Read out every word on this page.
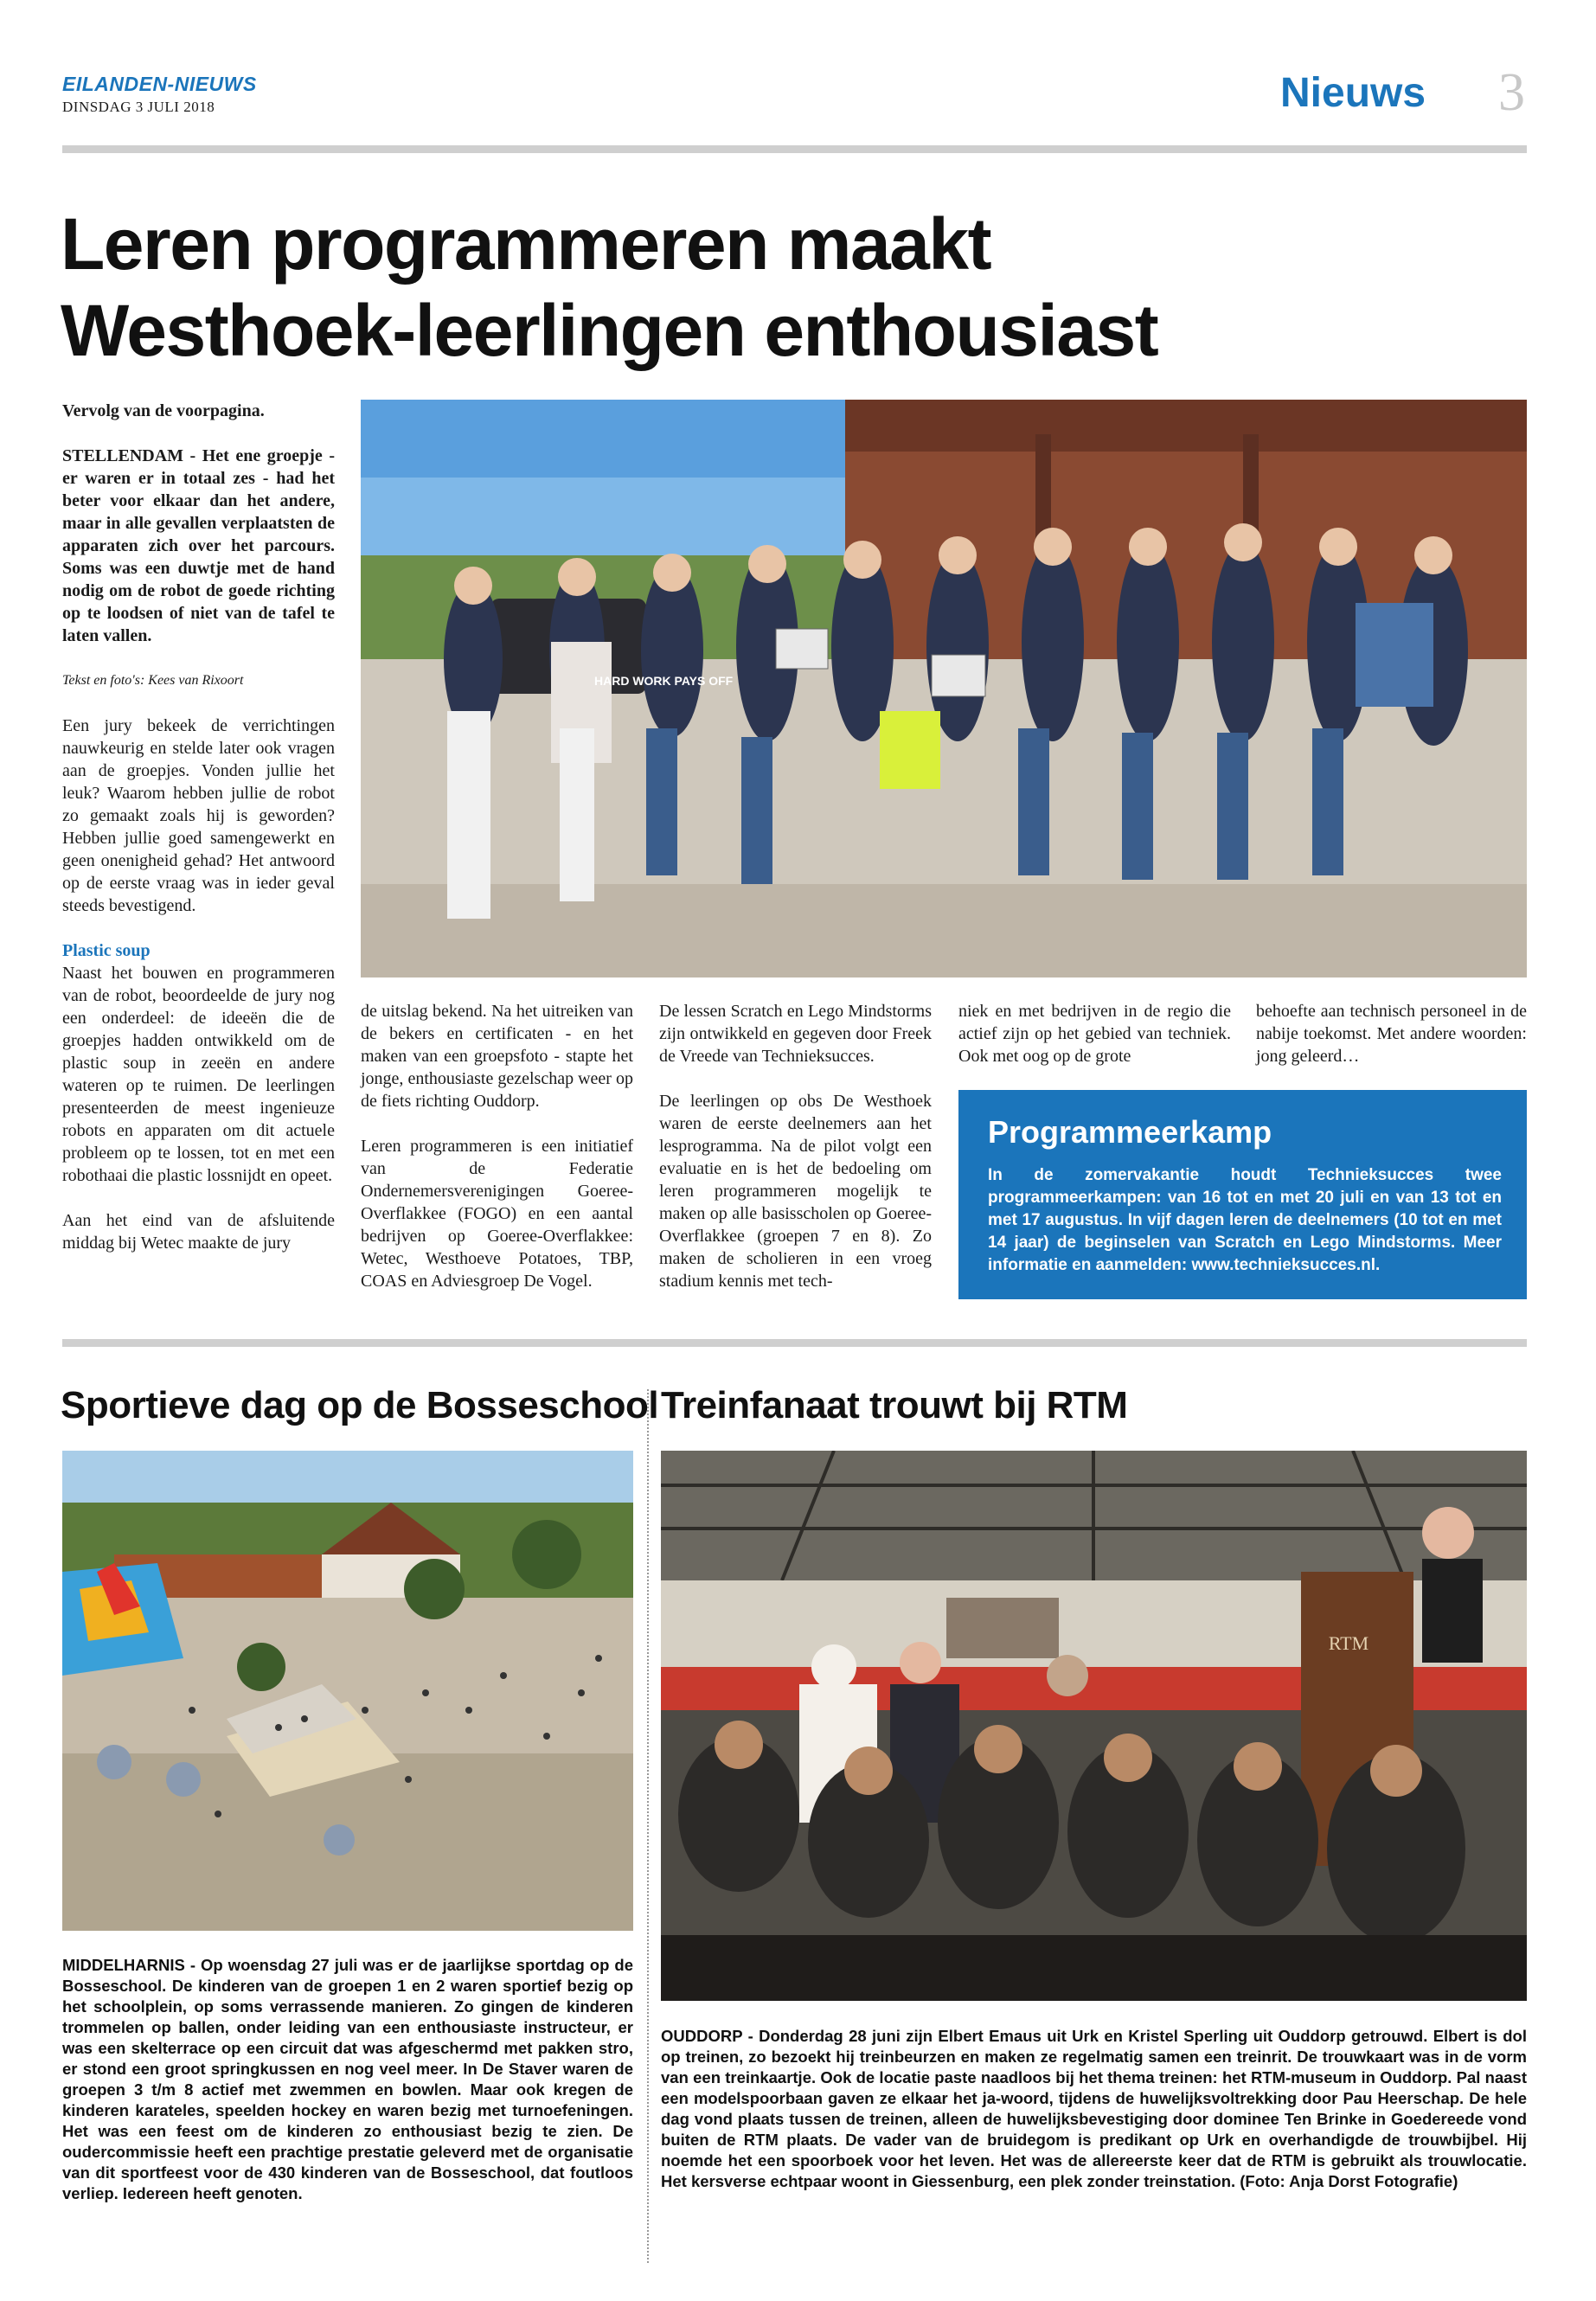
EILANDEN-NIEUWS
DINSDAG 3 JULI 2018	Nieuws 3
Leren programmeren maakt
Westhoek-leerlingen enthousiast

Vervolg van de voorpagina.

STELLENDAM - Het ene groepje - er waren er in totaal zes - had het beter voor elkaar dan het andere, maar in alle gevallen verplaatsten de apparaten zich over het parcours. Soms was een duwtje met de hand nodig om de robot de goede richting op te loodsen of niet van de tafel te laten vallen.

Tekst en foto's: Kees van Rixoort

Een jury bekeek de verrichtingen nauwkeurig en stelde later ook vragen aan de groepjes. Vonden jullie het leuk? Waarom hebben jullie de robot zo gemaakt zoals hij is geworden? Hebben jullie goed samengewerkt en geen onenigheid gehad? Het antwoord op de eerste vraag was in ieder geval steeds bevestigend.

Plastic soup

Naast het bouwen en programmeren van de robot, beoordeelde de jury nog een onderdeel: de ideeën die de groepjes hadden ontwikkeld om de plastic soup in zeeën en andere wateren op te ruimen. De leerlingen presenteerden de meest ingenieuze robots en apparaten om dit actuele probleem op te lossen, tot en met een robothaai die plastic lossnijdt en opeet.

Aan het eind van de afsluitende middag bij Wetec maakte de jury

HARD WORK PAYS OFF

de uitslag bekend. Na het uitreiken van de bekers en certificaten - en het maken van een groepsfoto - stapte het jonge, enthousiaste gezelschap weer op de fiets richting Ouddorp.

Leren programmeren is een initiatief van de Federatie Ondernemersverenigingen Goeree-Overflakkee (FOGO) en een aantal bedrijven op Goeree-Overflakkee: Wetec, Westhoeve Potatoes, TBP, COAS en Adviesgroep De Vogel.

De lessen Scratch en Lego Mindstorms zijn ontwikkeld en gegeven door Freek de Vreede van Technieksucces.

De leerlingen op obs De Westhoek waren de eerste deelnemers aan het lesprogramma. Na de pilot volgt een evaluatie en is het de bedoeling om leren programmeren mogelijk te maken op alle basisscholen op Goeree-Overflakkee (groepen 7 en 8). Zo maken de scholieren in een vroeg stadium kennis met tech-

niek en met bedrijven in de regio die actief zijn op het gebied van techniek. Ook met oog op de grote

behoefte aan technisch personeel in de nabije toekomst. Met andere woorden: jong geleerd…

Programmeerkamp
In de zomervakantie houdt Technieksucces twee programmeerkampen: van 16 tot en met 20 juli en van 13 tot en met 17 augustus. In vijf dagen leren de deelnemers (10 tot en met 14 jaar) de beginselen van Scratch en Lego Mindstorms. Meer informatie en aanmelden: www.technieksucces.nl.
Sportieve dag op de Bosseschool
MIDDELHARNIS - Op woensdag 27 juli was er de jaarlijkse sportdag op de Bosseschool. De kinderen van de groepen 1 en 2 waren sportief bezig op het schoolplein, op soms verrassende manieren. Zo gingen de kinderen trommelen op ballen, onder leiding van een enthousiaste instructeur, er was een skelterrace op een circuit dat was afgeschermd met pakken stro, er stond een groot springkussen en nog veel meer. In De Staver waren de groepen 3 t/m 8 actief met zwemmen en bowlen. Maar ook kregen de kinderen karateles, speelden hockey en waren bezig met turnoefeningen. Het was een feest om de kinderen zo enthousiast bezig te zien. De oudercommissie heeft een prachtige prestatie geleverd met de organisatie van dit sportfeest voor de 430 kinderen van de Bosseschool, dat foutloos verliep. Iedereen heeft genoten.
Treinfanaat trouwt bij RTM
RTM
OUDDORP - Donderdag 28 juni zijn Elbert Emaus uit Urk en Kristel Sperling uit Ouddorp getrouwd. Elbert is dol op treinen, zo bezoekt hij treinbeurzen en maken ze regelmatig samen een treinrit. De trouwkaart was in de vorm van een treinkaartje. Ook de locatie paste naadloos bij het thema treinen: het RTM-museum in Ouddorp. Pal naast een modelspoorbaan gaven ze elkaar het ja-woord, tijdens de huwelijksvoltrekking door Pau Heerschap. De hele dag vond plaats tussen de treinen, alleen de huwelijksbevestiging door dominee Ten Brinke in Goedereede vond buiten de RTM plaats. De vader van de bruidegom is predikant op Urk en overhandigde de trouwbijbel. Hij noemde het een spoorboek voor het leven. Het was de allereerste keer dat de RTM is gebruikt als trouwlocatie. Het kersverse echtpaar woont in Giessenburg, een plek zonder treinstation. (Foto: Anja Dorst Fotografie)
